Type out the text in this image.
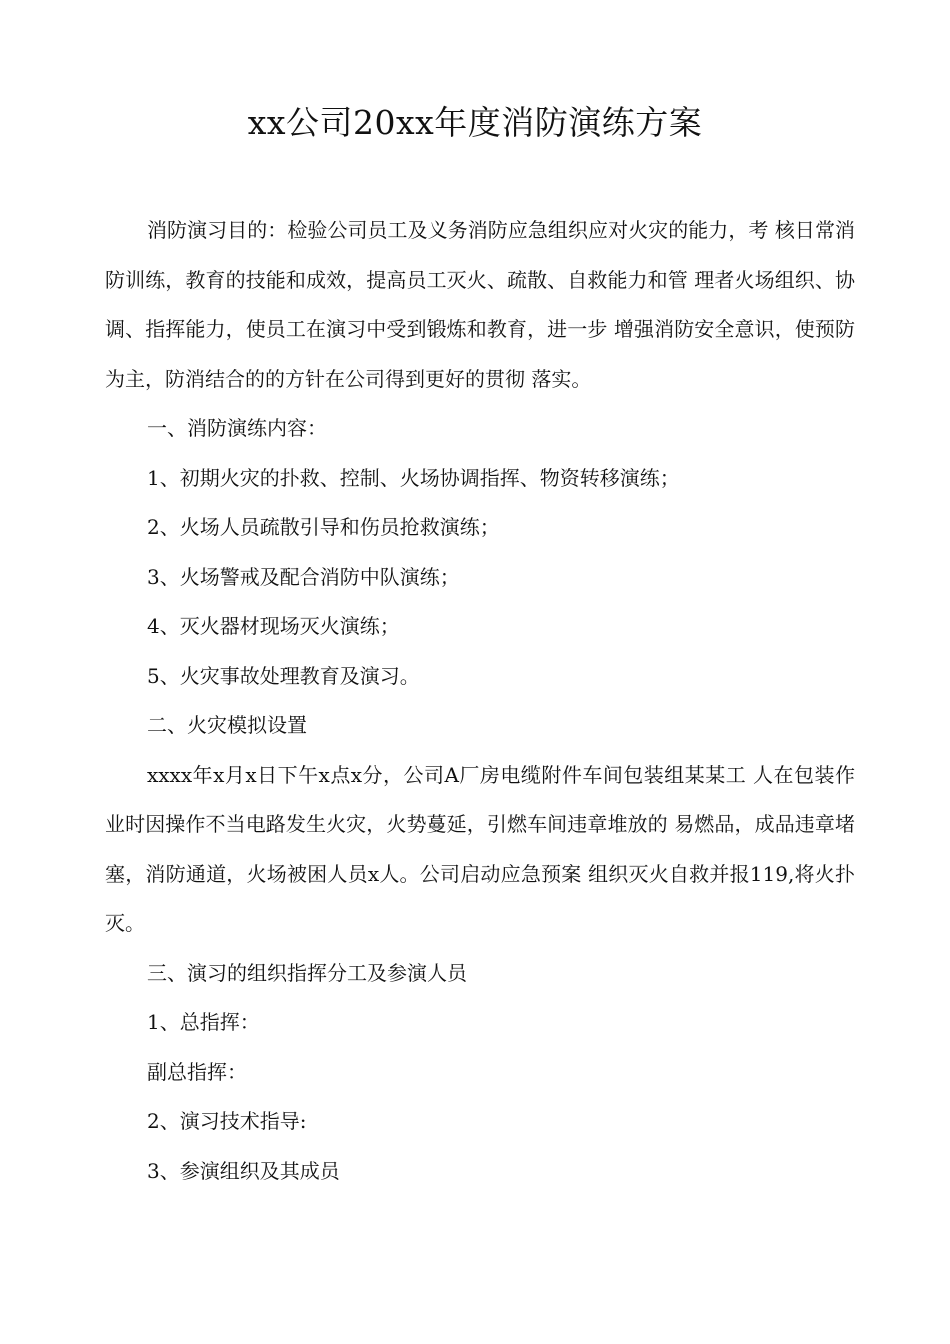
xx公司20xx年度消防演练方案

消防演习目的：检验公司员工及义务消防应急组织应对火灾的能力，考 核日常消防训练，教育的技能和成效，提高员工灭火、疏散、自救能力和管 理者火场组织、协调、指挥能力，使员工在演习中受到锻炼和教育，进一步 增强消防安全意识，使预防为主，防消结合的的方针在公司得到更好的贯彻 落实。

一、消防演练内容：

1、初期火灾的扑救、控制、火场协调指挥、物资转移演练；

2、火场人员疏散引导和伤员抢救演练；

3、火场警戒及配合消防中队演练；

4、灭火器材现场灭火演练；

5、火灾事故处理教育及演习。

二、火灾模拟设置

xxxx年x月x日下午x点x分，公司A厂房电缆附件车间包装组某某工 人在包装作业时因操作不当电路发生火灾，火势蔓延，引燃车间违章堆放的 易燃品，成品违章堵塞，消防通道，火场被困人员x人。公司启动应急预案 组织灭火自救并报119,将火扑灭。

三、演习的组织指挥分工及参演人员

1、总指挥：

副总指挥：

2、演习技术指导:

3、参演组织及其成员
